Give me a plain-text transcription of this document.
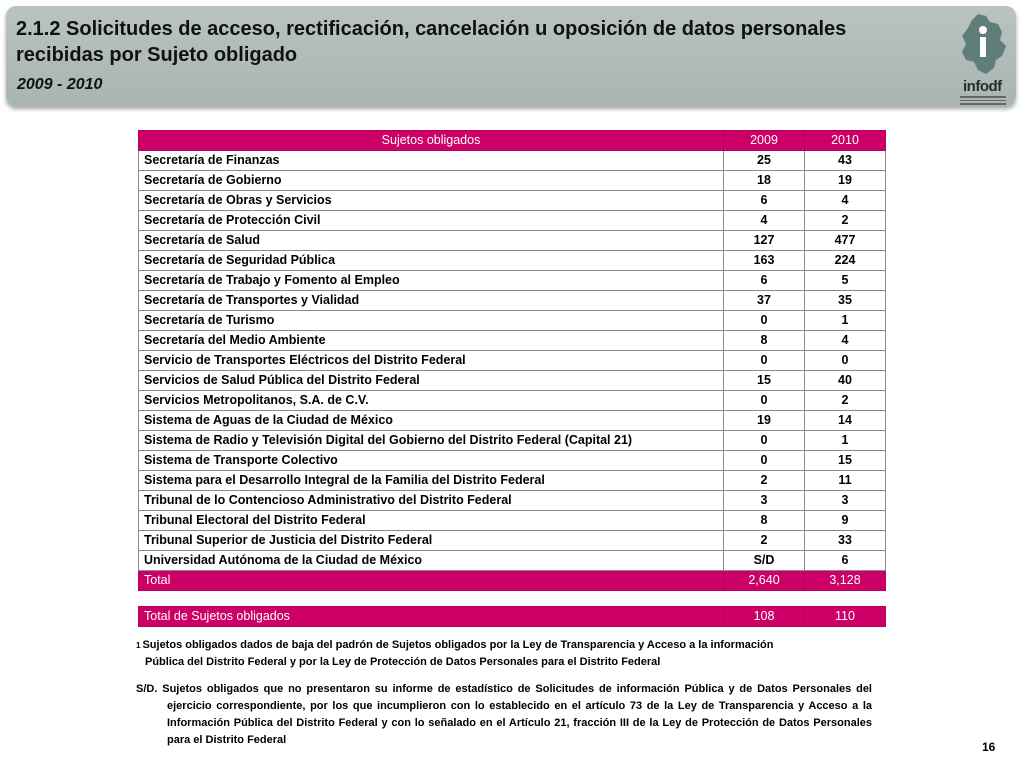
2.1.2 Solicitudes de acceso, rectificación, cancelación u oposición de datos personales recibidas por Sujeto obligado
2009 - 2010	infodf
Sujetos obligados	2009	2010
Secretaría de Finanzas	25	43
Secretaría de Gobierno	18	19
Secretaría de Obras y Servicios	6	4
Secretaría de Protección Civil	4	2
Secretaría de Salud	127	477
Secretaría de Seguridad Pública	163	224
Secretaría de Trabajo y Fomento al Empleo	6	5
Secretaría de Transportes y Vialidad	37	35
Secretaría de Turismo	0	1
Secretaría del Medio Ambiente	8	4
Servicio de Transportes Eléctricos del Distrito Federal	0	0
Servicios de Salud Pública del Distrito Federal	15	40
Servicios Metropolitanos, S.A. de C.V.	0	2
Sistema de Aguas de la Ciudad de México	19	14
Sistema de Radio y Televisión Digital del Gobierno del Distrito Federal (Capital 21)	0	1
Sistema de Transporte Colectivo	0	15
Sistema para el Desarrollo Integral de la Familia del Distrito Federal	2	11
Tribunal de lo Contencioso Administrativo del Distrito Federal	3	3
Tribunal Electoral del Distrito Federal	8	9
Tribunal Superior de Justicia del Distrito Federal	2	33
Universidad Autónoma de la Ciudad de México	S/D	6
Total	2,640	3,128
Total de Sujetos obligados	108	110
$^1$ Sujetos obligados dados de baja del padrón de Sujetos obligados por la Ley de Transparencia y Acceso a la información
Pública del Distrito Federal y por la Ley de Protección de Datos Personales para el Distrito Federal
S/D. Sujetos obligados que no presentaron su informe de estadístico de Solicitudes de información Pública y de Datos Personales del ejercicio correspondiente, por los que incumplieron con lo establecido en el artículo 73 de la Ley de Transparencia y Acceso a la Información Pública del Distrito Federal y con lo señalado en el Artículo 21, fracción III de la Ley de Protección de Datos Personales para el Distrito Federal	16
